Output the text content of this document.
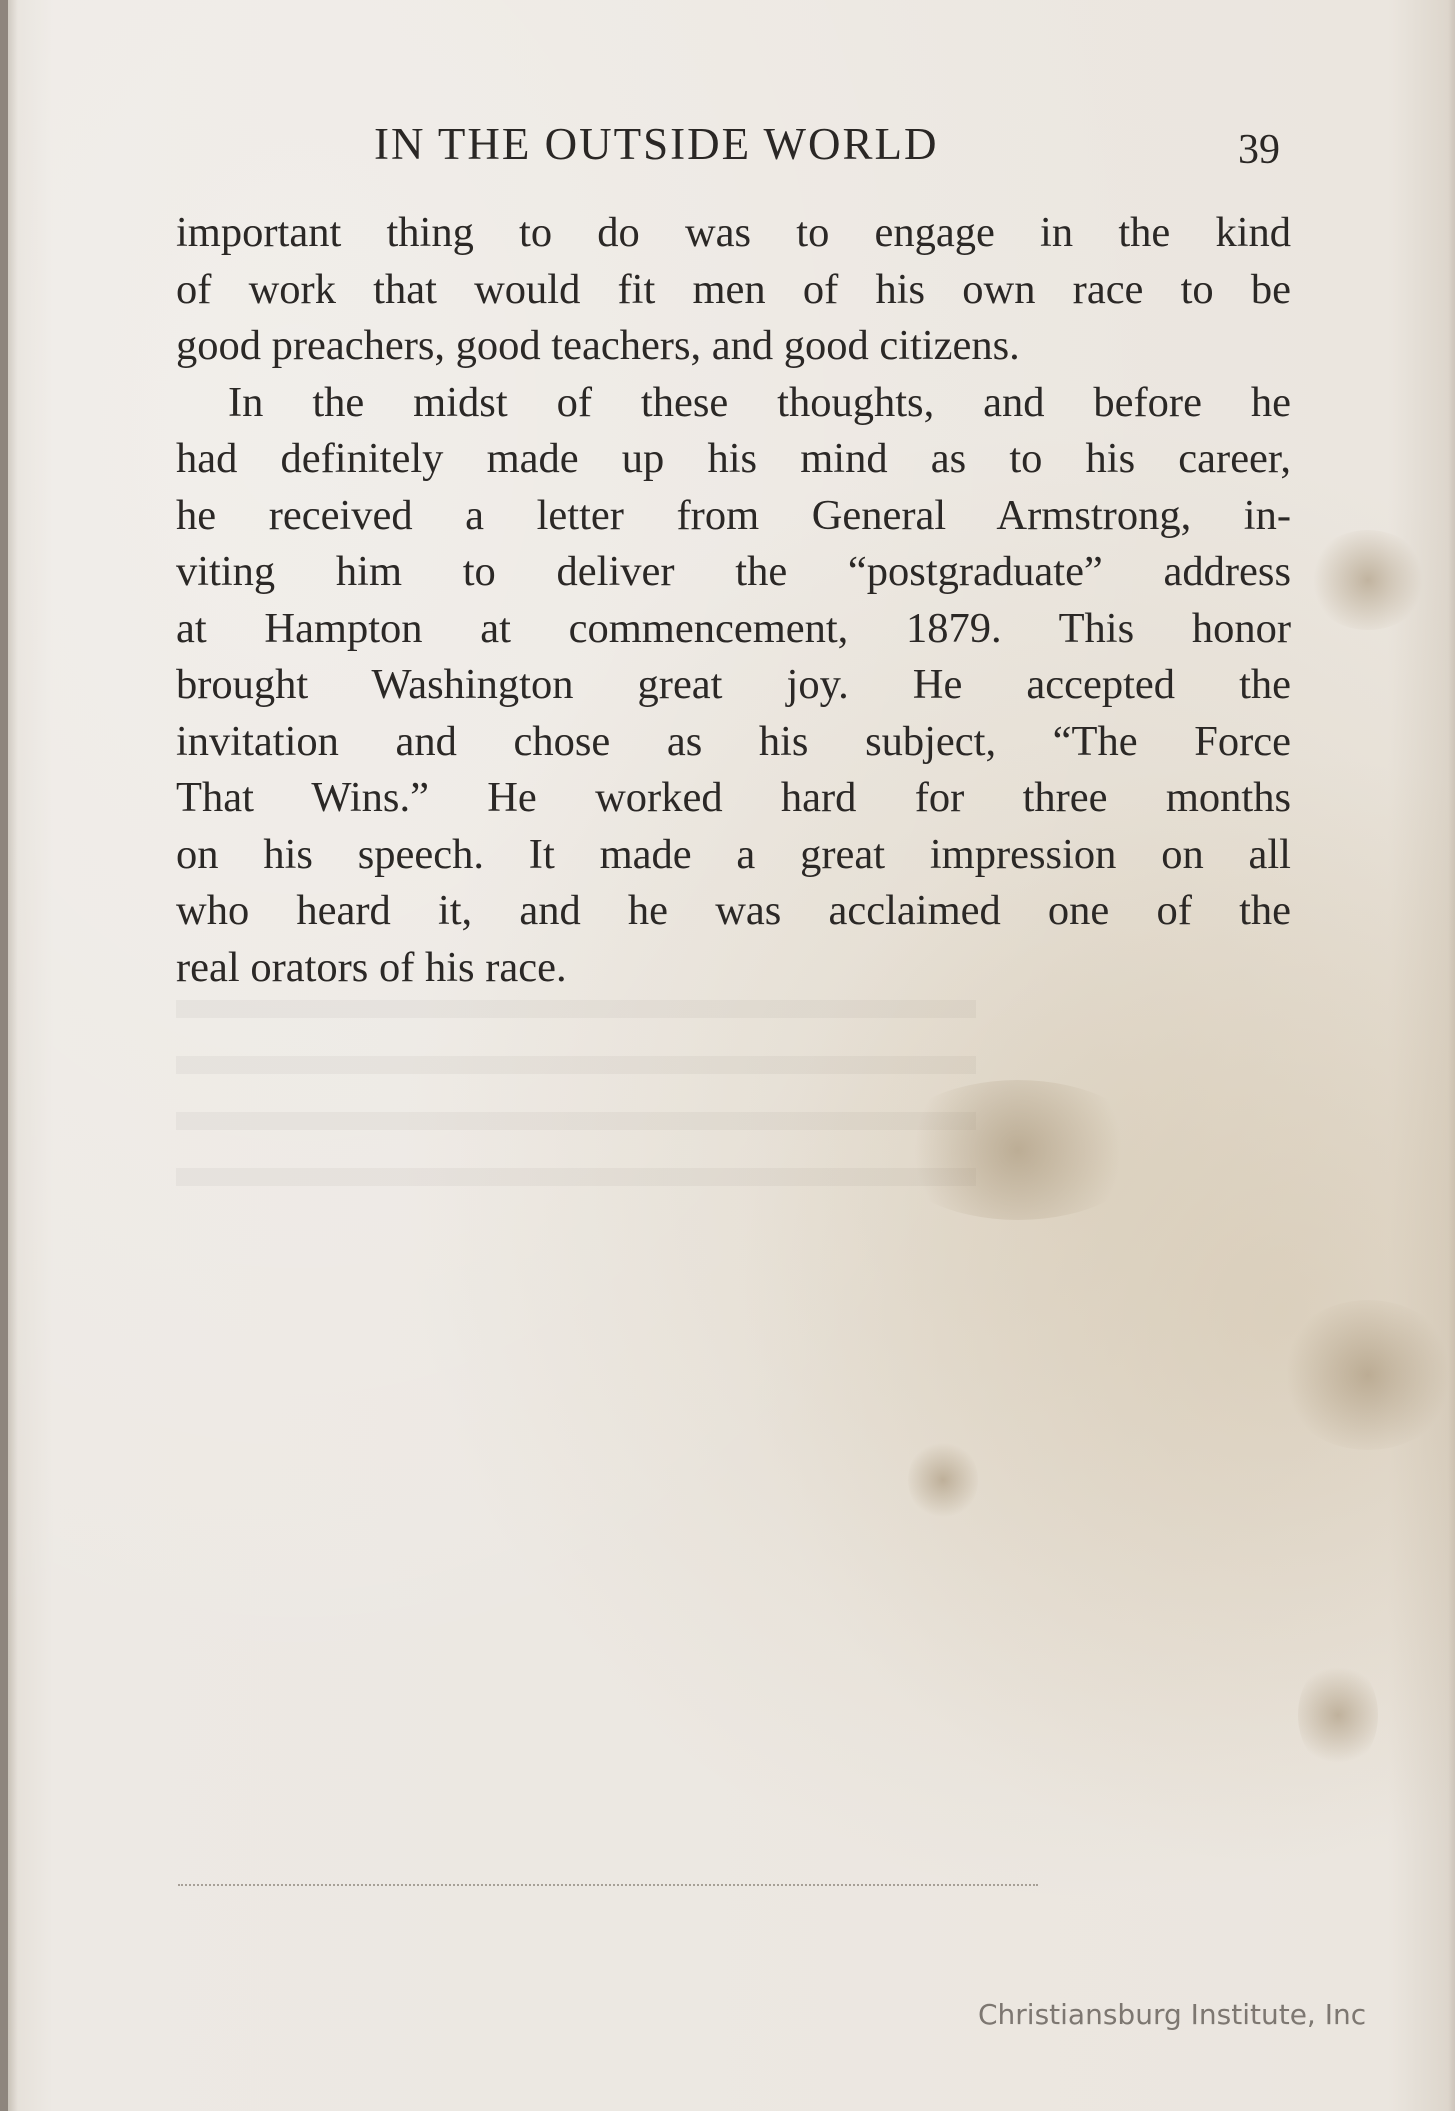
IN THE OUTSIDE WORLD	39
important thing to do was to engage in the kind
of work that would fit men of his own race to be
good preachers, good teachers, and good citizens.
In the midst of these thoughts, and before he
had definitely made up his mind as to his career,
he received a letter from General Armstrong, in-
viting him to deliver the “postgraduate” address
at Hampton at commencement, 1879. This honor
brought Washington great joy. He accepted the
invitation and chose as his subject, “The Force
That Wins.” He worked hard for three months
on his speech. It made a great impression on all
who heard it, and he was acclaimed one of the
real orators of his race.
Christiansburg Institute, Inc
